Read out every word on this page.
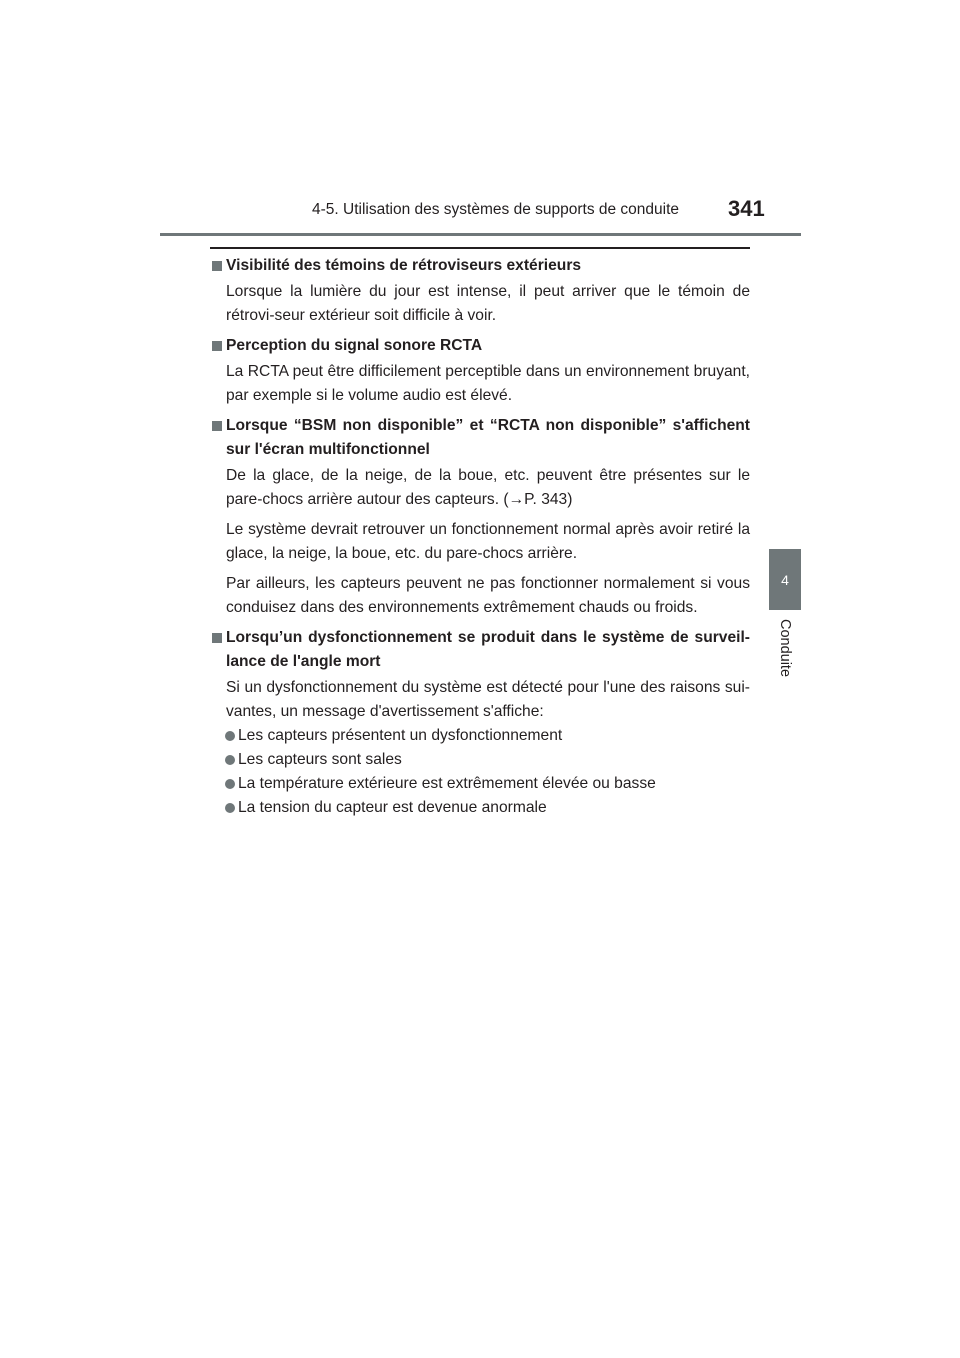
4-5. Utilisation des systèmes de supports de conduite 341
4
Conduite
Visibilité des témoins de rétroviseurs extérieurs
Lorsque la lumière du jour est intense, il peut arriver que le témoin de rétrovi-seur extérieur soit difficile à voir.
Perception du signal sonore RCTA
La RCTA peut être difficilement perceptible dans un environnement bruyant, par exemple si le volume audio est élevé.
Lorsque “BSM non disponible” et “RCTA non disponible” s'affichent sur l'écran multifonctionnel
De la glace, de la neige, de la boue, etc. peuvent être présentes sur le pare-chocs arrière autour des capteurs. (→P. 343)
Le système devrait retrouver un fonctionnement normal après avoir retiré la glace, la neige, la boue, etc. du pare-chocs arrière.
Par ailleurs, les capteurs peuvent ne pas fonctionner normalement si vous conduisez dans des environnements extrêmement chauds ou froids.
Lorsqu’un dysfonctionnement se produit dans le système de surveil-lance de l'angle mort
Si un dysfonctionnement du système est détecté pour l'une des raisons sui-vantes, un message d'avertissement s'affiche:
Les capteurs présentent un dysfonctionnement
Les capteurs sont sales
La température extérieure est extrêmement élevée ou basse
La tension du capteur est devenue anormale
